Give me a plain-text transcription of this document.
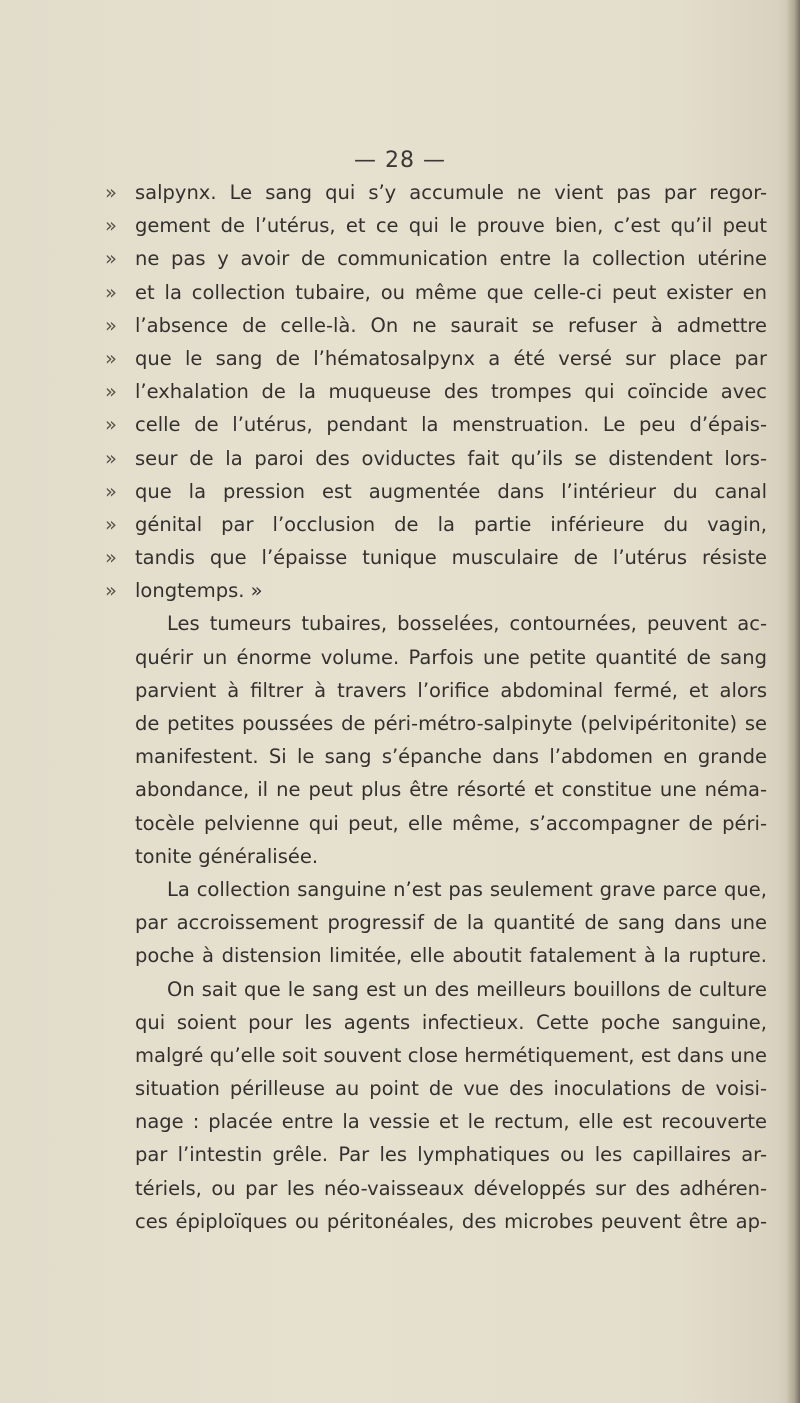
— 28 —
» salpynx. Le sang qui s’y accumule ne vient pas par regor-
» gement de l’utérus, et ce qui le prouve bien, c’est qu’il peut
» ne pas y avoir de communication entre la collection utérine
» et la collection tubaire, ou même que celle-ci peut exister en
» l’absence de celle-là. On ne saurait se refuser à admettre
» que le sang de l’hématosalpynx a été versé sur place par
» l’exhalation de la muqueuse des trompes qui coïncide avec
» celle de l’utérus, pendant la menstruation. Le peu d’épais-
» seur de la paroi des oviductes fait qu’ils se distendent lors-
» que la pression est augmentée dans l’intérieur du canal
» génital par l’occlusion de la partie inférieure du vagin,
» tandis que l’épaisse tunique musculaire de l’utérus résiste
» longtemps. »
Les tumeurs tubaires, bosselées, contournées, peuvent ac-
quérir un énorme volume. Parfois une petite quantité de sang
parvient à filtrer à travers l’orifice abdominal fermé, et alors
de petites poussées de péri-métro-salpinyte (pelvipéritonite) se
manifestent. Si le sang s’épanche dans l’abdomen en grande
abondance, il ne peut plus être résorté et constitue une néma-
tocèle pelvienne qui peut, elle même, s’accompagner de péri-
tonite généralisée.
La collection sanguine n’est pas seulement grave parce que,
par accroissement progressif de la quantité de sang dans une
poche à distension limitée, elle aboutit fatalement à la rupture.
On sait que le sang est un des meilleurs bouillons de culture
qui soient pour les agents infectieux. Cette poche sanguine,
malgré qu’elle soit souvent close hermétiquement, est dans une
situation périlleuse au point de vue des inoculations de voisi-
nage : placée entre la vessie et le rectum, elle est recouverte
par l’intestin grêle. Par les lymphatiques ou les capillaires ar-
tériels, ou par les néo-vaisseaux développés sur des adhéren-
ces épiploïques ou péritonéales, des microbes peuvent être ap-
